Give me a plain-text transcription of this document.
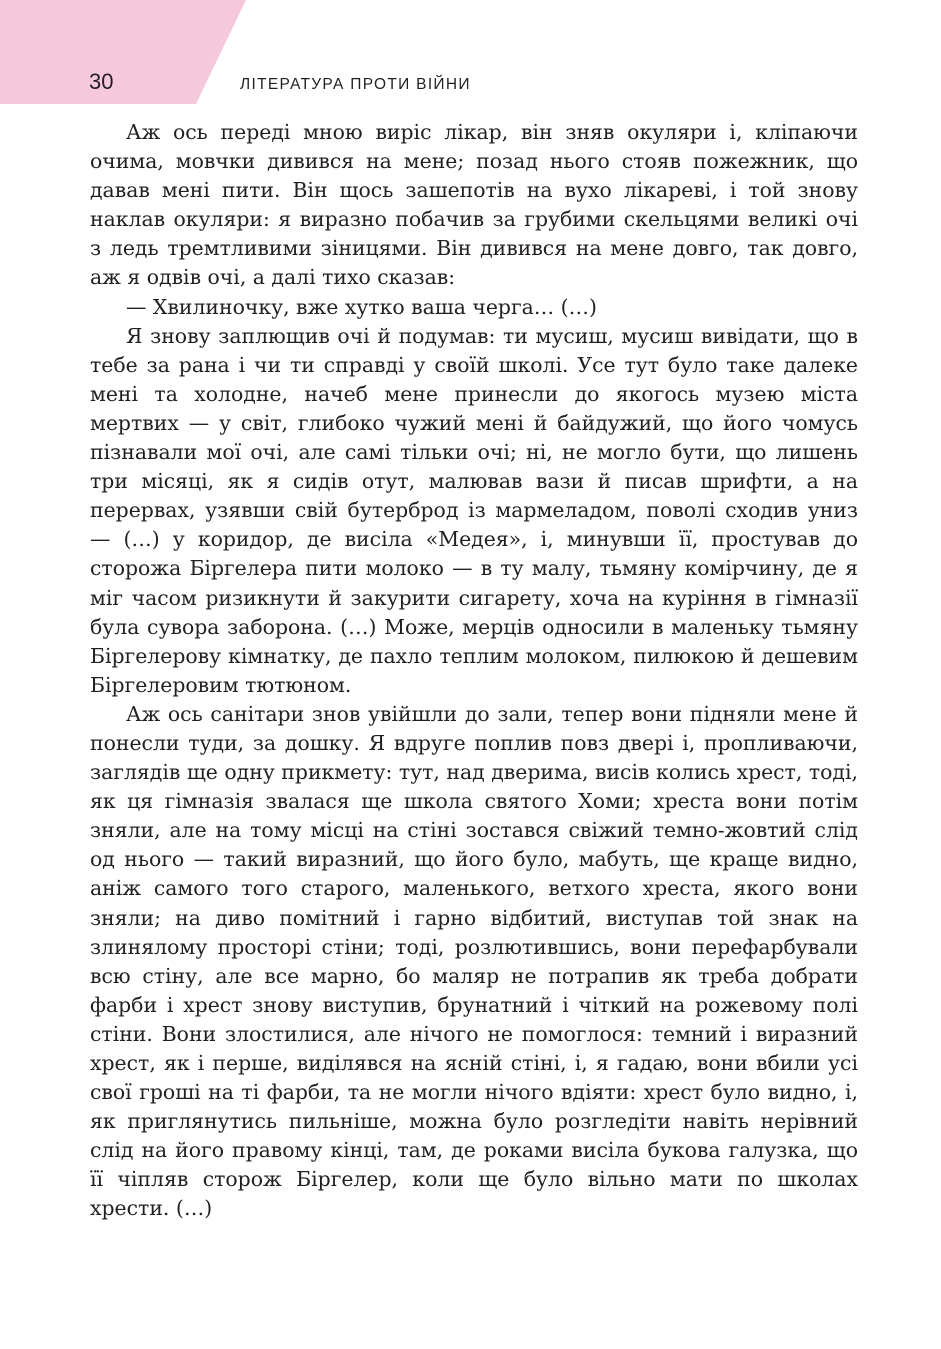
30	ЛІТЕРАТУРА ПРОТИ ВІЙНИ

Аж ось переді мною виріс лікар, він зняв окуляри і, кліпаючи очима, мовчки дивився на мене; позад нього стояв пожежник, що давав мені пити. Він щось зашепотів на вухо лікареві, і той знову наклав окуляри: я виразно побачив за грубими скельцями великі очі з ледь тремтливими зіницями. Він дивився на мене довго, так довго, аж я одвів очі, а далі тихо сказав:

— Хвилиночку, вже хутко ваша черга… (…)

Я знову заплющив очі й подумав: ти мусиш, мусиш вивідати, що в тебе за рана і чи ти справді у своїй школі. Усе тут було таке далеке мені та холодне, начеб мене принесли до якогось музею міста мертвих — у світ, глибоко чужий мені й байдужий, що його чомусь пізнавали мої очі, але самі тільки очі; ні, не могло бути, що лишень три місяці, як я сидів отут, малював вази й писав шрифти, а на перервах, узявши свій бутерброд із мармеладом, поволі сходив униз — (…) у коридор, де висіла «Медея», і, минувши її, простував до сторожа Біргелера пити молоко — в ту малу, тьмяну комірчину, де я міг часом ризикнути й закурити сигарету, хоча на куріння в гімназії була сувора заборона. (…) Може, мерців односили в маленьку тьмяну Біргелерову кімнатку, де пахло теплим молоком, пилюкою й дешевим Біргелеровим тютюном.

Аж ось санітари знов увійшли до зали, тепер вони підняли мене й понесли туди, за дошку. Я вдруге поплив повз двері і, пропливаючи, заглядів ще одну прикмету: тут, над дверима, висів колись хрест, тоді, як ця гімназія звалася ще школа святого Хоми; хреста вони потім зняли, але на тому місці на стіні зостався свіжий темно-жовтий слід од нього — такий виразний, що його було, мабуть, ще краще видно, аніж самого того старого, маленького, ветхого хреста, якого вони зняли; на диво помітний і гарно відбитий, виступав той знак на злинялому просторі стіни; тоді, розлютившись, вони перефарбували всю стіну, але все марно, бо маляр не потрапив як треба добрати фарби і хрест знову виступив, брунатний і чіткий на рожевому полі стіни. Вони злостилися, але нічого не помоглося: темний і виразний хрест, як і перше, виділявся на ясній стіні, і, я гадаю, вони вбили усі свої гроші на ті фарби, та не могли нічого вдіяти: хрест було видно, і, як приглянутись пильніше, можна було розгледіти навіть нерівний слід на його правому кінці, там, де роками висіла букова галузка, що її чіпляв сторож Біргелер, коли ще було вільно мати по школах хрести. (…)
